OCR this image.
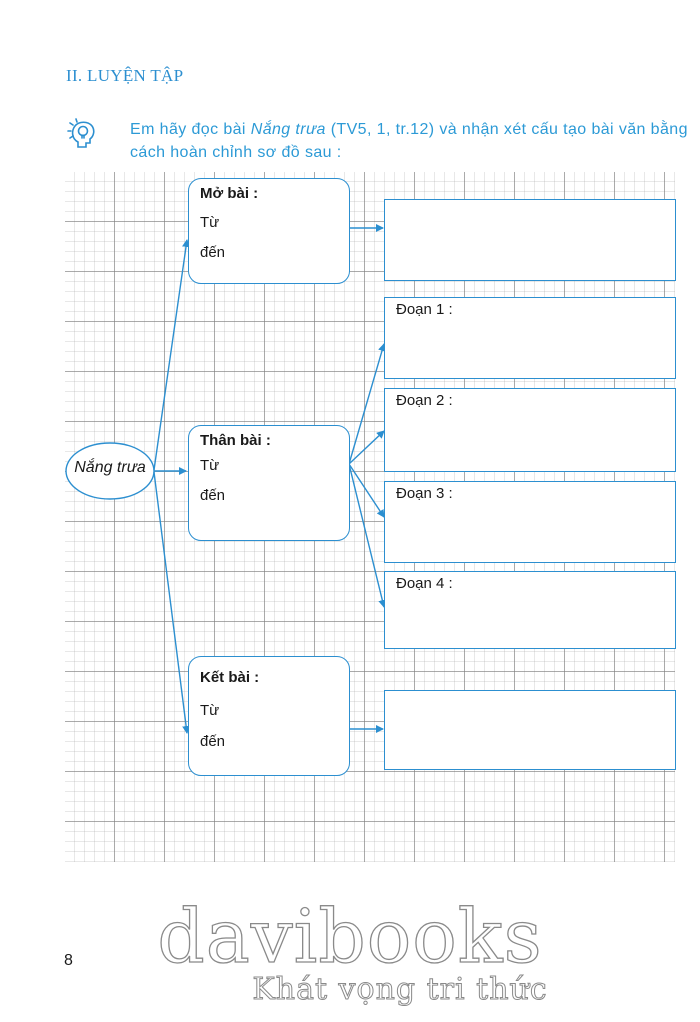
II. LUYỆN TẬP
Em hãy đọc bài Nắng trưa (TV5, 1, tr.12) và nhận xét cấu tạo bài văn bằng cách hoàn chỉnh sơ đồ sau :
Nắng trưa
Mở bài :
Từ
đến
Thân bài :
Từ
đến
Kết bài :
Từ
đến
Đoạn 1 :
Đoạn 2 :
Đoạn 3 :
Đoạn 4 :
8 davibooks
Khát vọng tri thức
